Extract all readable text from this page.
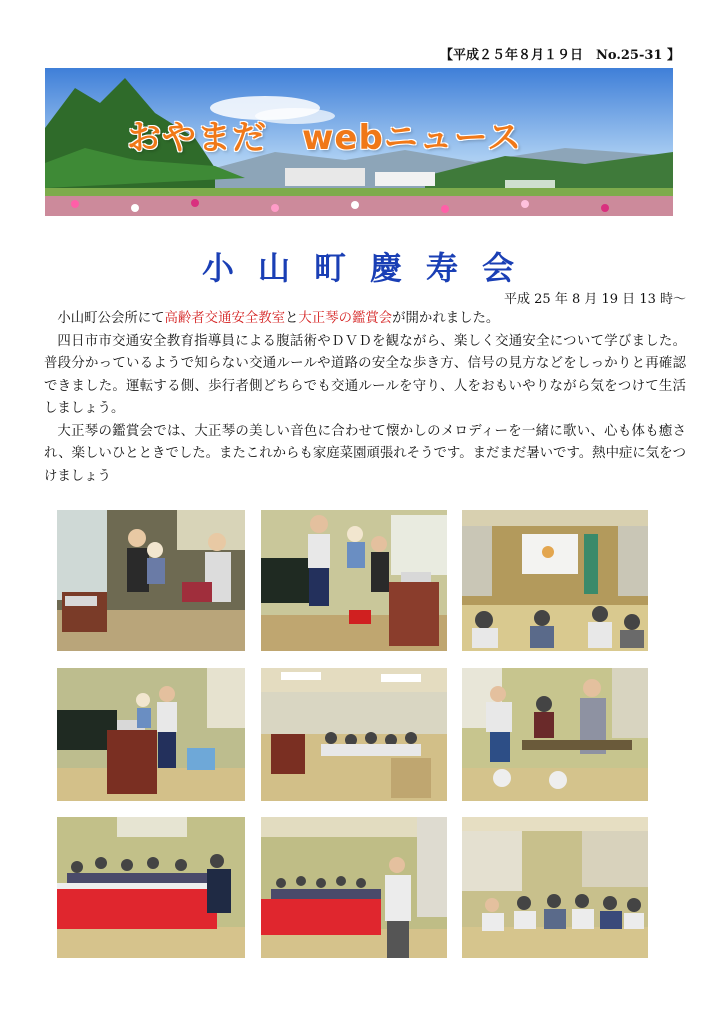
【平成２５年８月１９日　No.25-31 】
おやまだ　webニュース
小山町慶寿会
平成 25 年 8 月 19 日 13 時～

小山町公会所にて高齢者交通安全教室と大正琴の鑑賞会が開かれました。

四日市市交通安全教育指導員による腹話術やＤＶＤを観ながら、楽しく交通安全について学びました。普段分かっているようで知らない交通ルールや道路の安全な歩き方、信号の見方などをしっかりと再確認できました。運転する側、歩行者側どちらでも交通ルールを守り、人をおもいやりながら気をつけて生活しましょう。

大正琴の鑑賞会では、大正琴の美しい音色に合わせて懐かしのメロディーを一緒に歌い、心も体も癒され、楽しいひとときでした。またこれからも家庭菜園頑張れそうです。まだまだ暑いです。熱中症に気をつけましょう
